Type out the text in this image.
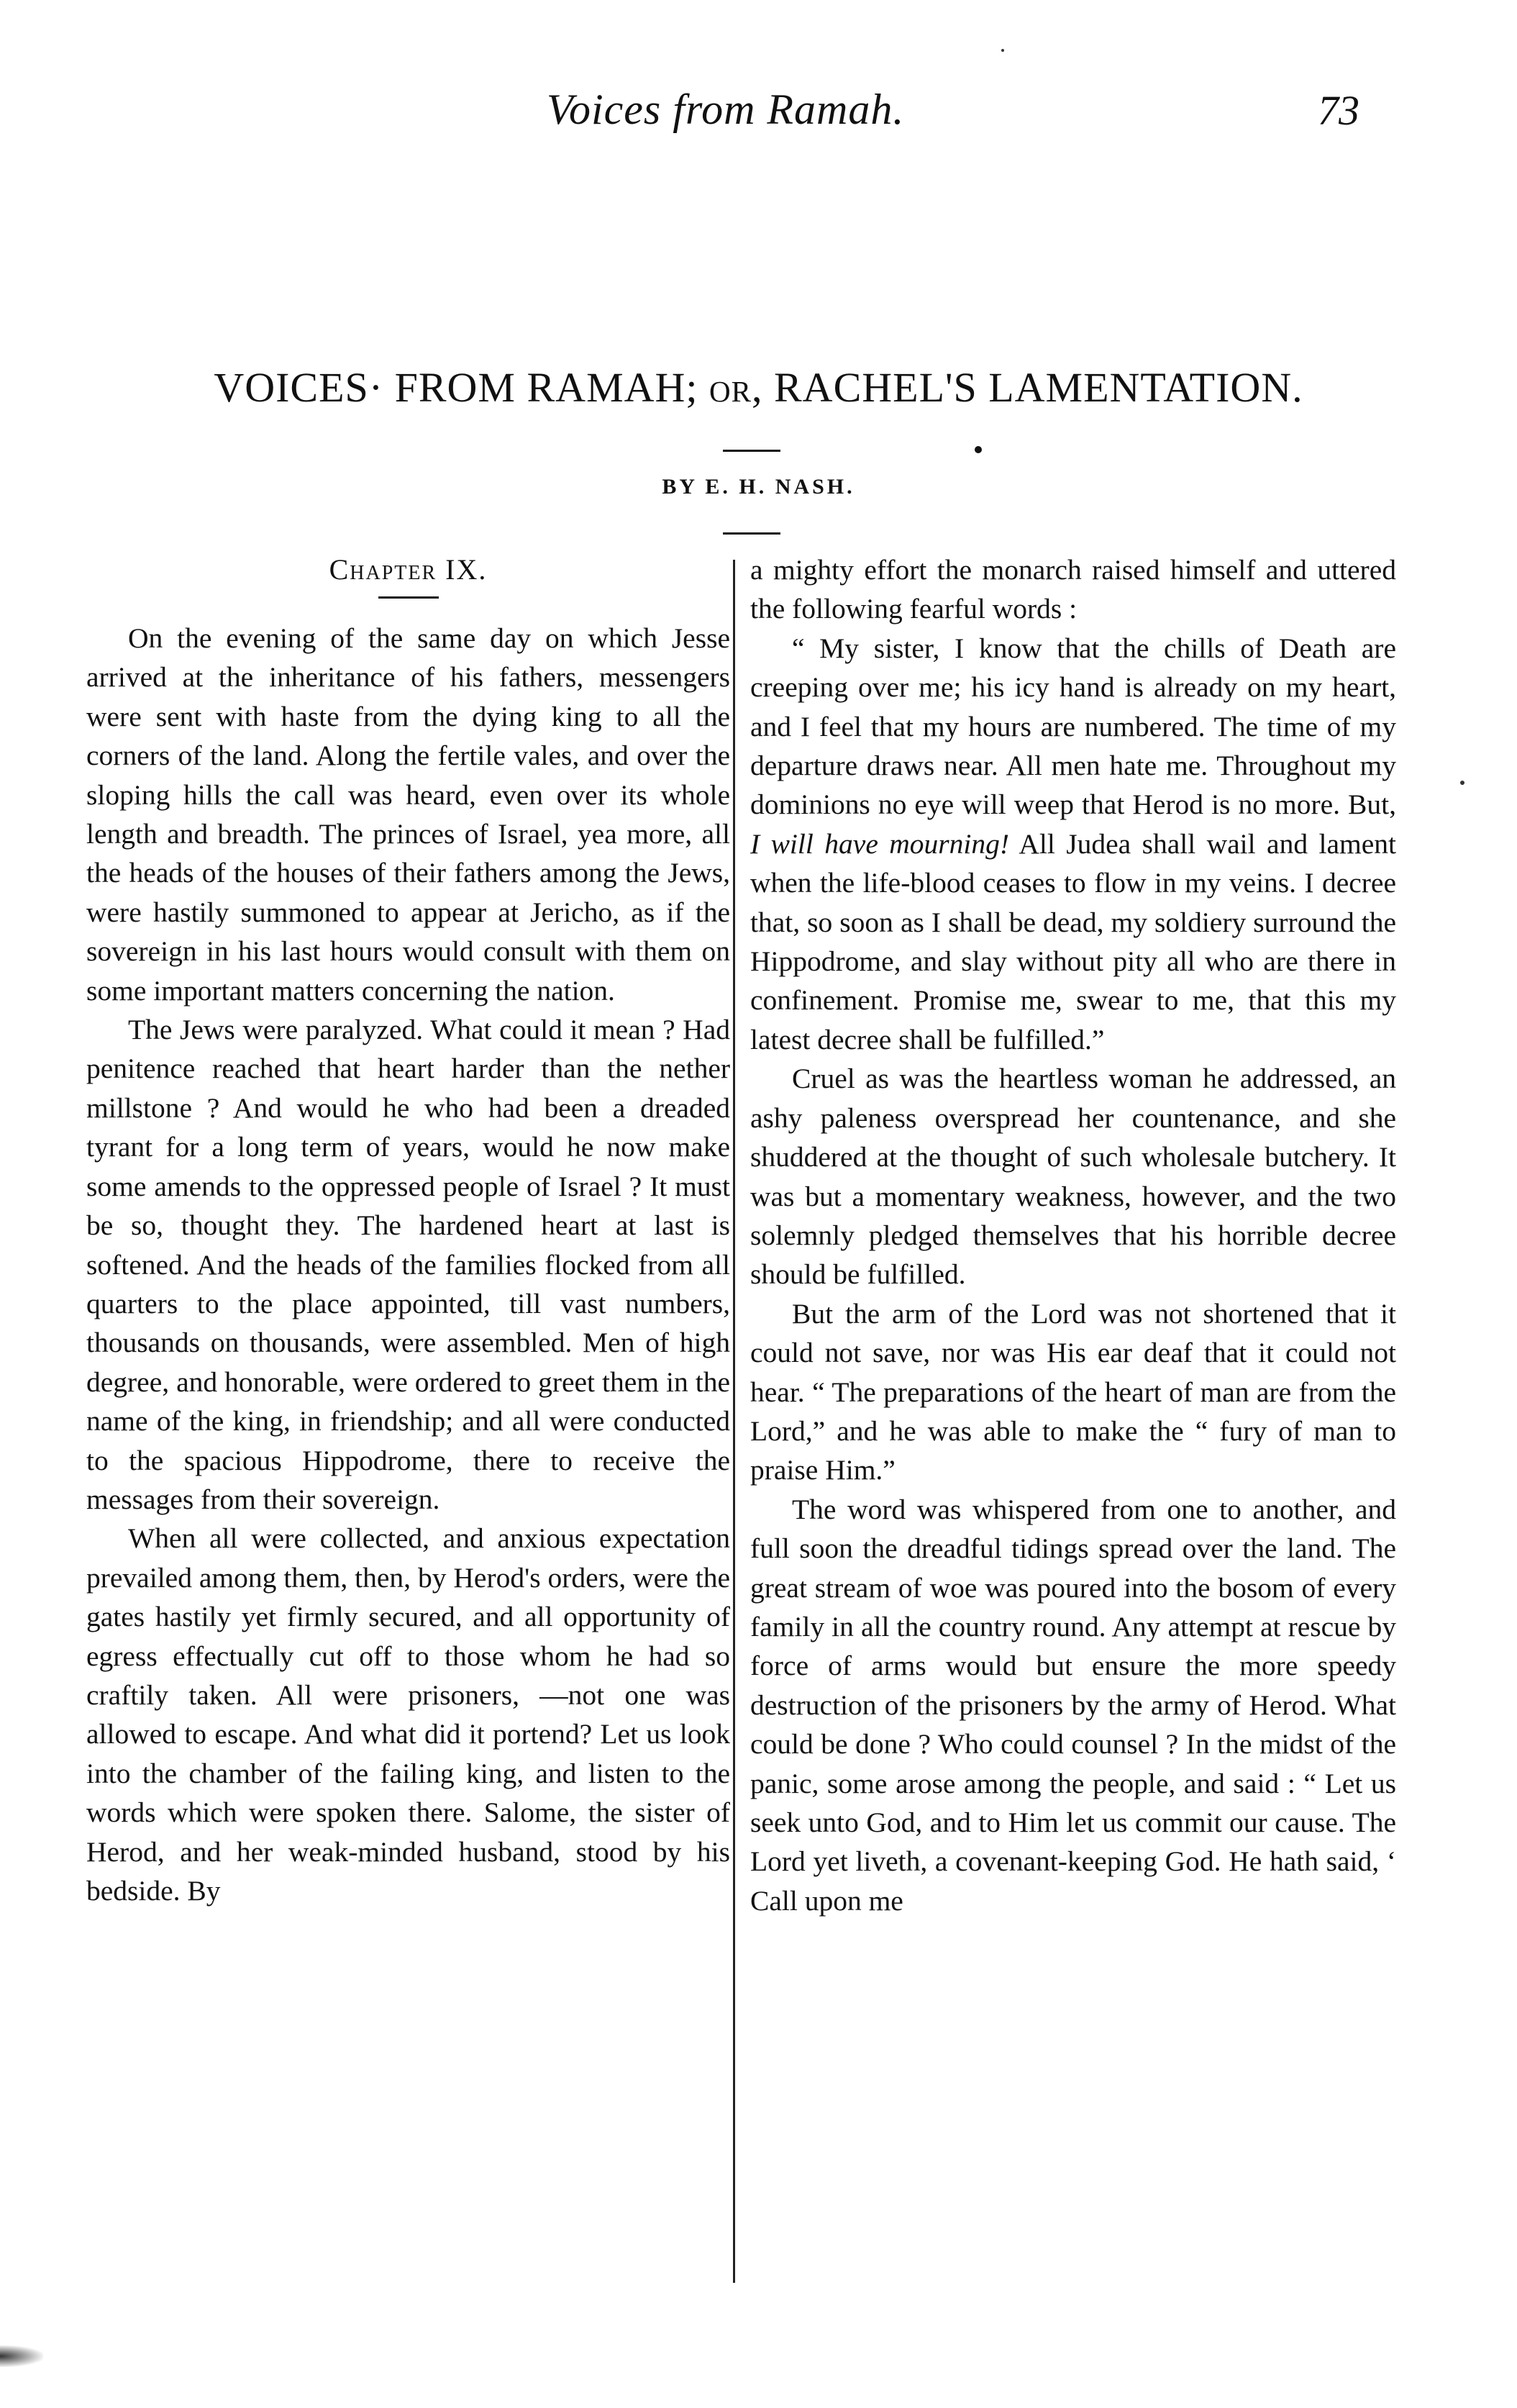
Voices from Ramah.	73
VOICES· FROM RAMAH; or, RACHEL'S LAMENTATION.
BY E. H. NASH.
Chapter IX.

On the evening of the same day on which Jesse arrived at the inheritance of his fathers, messengers were sent with haste from the dying king to all the corners of the land. Along the fertile vales, and over the sloping hills the call was heard, even over its whole length and breadth. The princes of Israel, yea more, all the heads of the houses of their fathers among the Jews, were hastily summoned to appear at Jericho, as if the sovereign in his last hours would consult with them on some important matters concerning the nation.

The Jews were paralyzed. What could it mean ? Had penitence reached that heart harder than the nether millstone ? And would he who had been a dreaded tyrant for a long term of years, would he now make some amends to the oppressed people of Israel ? It must be so, thought they. The hardened heart at last is softened. And the heads of the families flocked from all quarters to the place appointed, till vast numbers, thousands on thousands, were assembled. Men of high degree, and honorable, were ordered to greet them in the name of the king, in friendship; and all were conducted to the spacious Hippodrome, there to receive the messages from their sovereign.

When all were collected, and anxious expectation prevailed among them, then, by Herod's orders, were the gates hastily yet firmly secured, and all opportunity of egress effectually cut off to those whom he had so craftily taken. All were prisoners, —not one was allowed to escape. And what did it portend? Let us look into the chamber of the failing king, and listen to the words which were spoken there. Salome, the sister of Herod, and her weak-minded husband, stood by his bedside. By

a mighty effort the monarch raised himself and uttered the following fearful words :

“ My sister, I know that the chills of Death are creeping over me; his icy hand is already on my heart, and I feel that my hours are numbered. The time of my departure draws near. All men hate me. Throughout my dominions no eye will weep that Herod is no more. But, I will have mourning! All Judea shall wail and lament when the life-blood ceases to flow in my veins. I decree that, so soon as I shall be dead, my soldiery surround the Hippodrome, and slay without pity all who are there in confinement. Promise me, swear to me, that this my latest decree shall be fulfilled.”

Cruel as was the heartless woman he addressed, an ashy paleness overspread her countenance, and she shuddered at the thought of such wholesale butchery. It was but a momentary weakness, however, and the two solemnly pledged themselves that his horrible decree should be fulfilled.

But the arm of the Lord was not shortened that it could not save, nor was His ear deaf that it could not hear. “ The preparations of the heart of man are from the Lord,” and he was able to make the “ fury of man to praise Him.”

The word was whispered from one to another, and full soon the dreadful tidings spread over the land. The great stream of woe was poured into the bosom of every family in all the country round. Any attempt at rescue by force of arms would but ensure the more speedy destruction of the prisoners by the army of Herod. What could be done ? Who could counsel ? In the midst of the panic, some arose among the people, and said : “ Let us seek unto God, and to Him let us commit our cause. The Lord yet liveth, a covenant-keeping God. He hath said, ‘ Call upon me
